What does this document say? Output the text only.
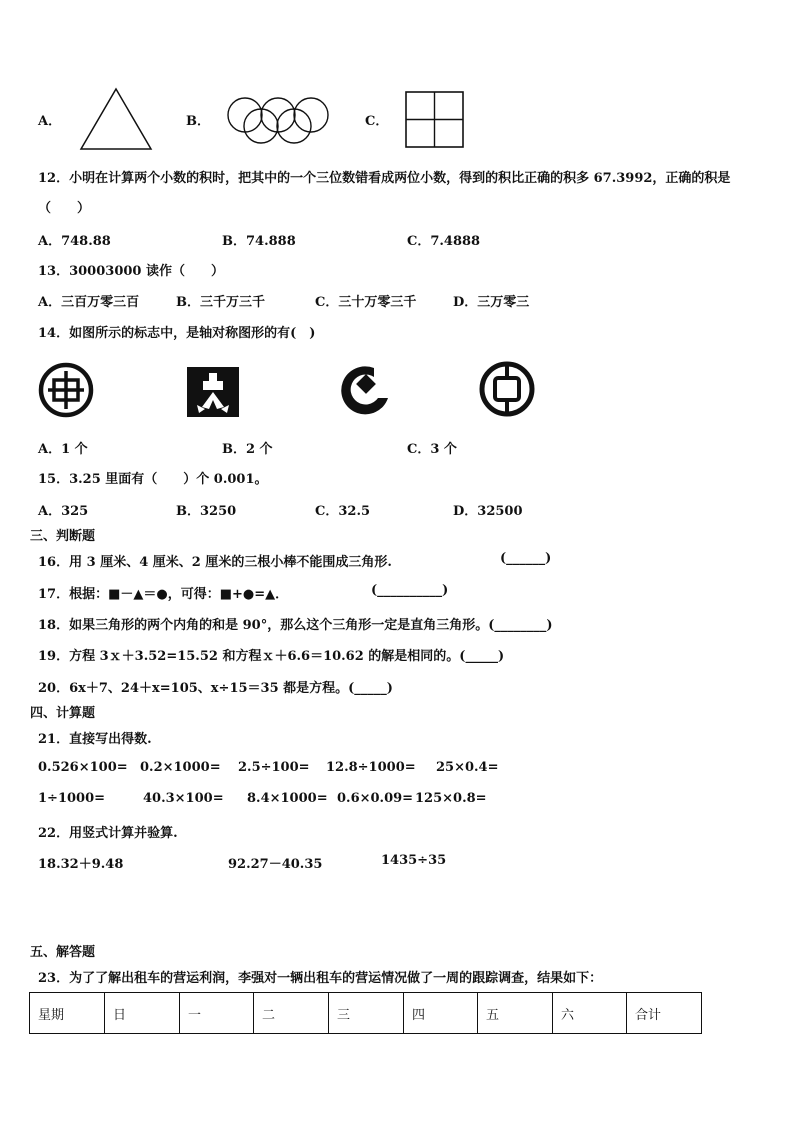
A．	B．	C．
12．小明在计算两个小数的积时，把其中的一个三位数错看成两位小数，得到的积比正确的积多 67.3992，正确的积是
（　　）
A．748.88	B．74.888	C．7.4888
13．30003000 读作（　　）
A．三百万零三百	B．三千万三千	C．三十万零三千	D．三万零三
14．如图所示的标志中，是轴对称图形的有(　)
A．1 个	B．2 个	C．3 个
15．3.25 里面有（　　）个 0.001。
A．325	B．3250	C．32.5	D．32500
三、判断题
16．用 3 厘米、4 厘米、2 厘米的三根小棒不能围成三角形.	(______)
17．根据：■－▲＝●，可得：■+●=▲．	(__________)
18．如果三角形的两个内角的和是 90°，那么这个三角形一定是直角三角形。(________)
19．方程 3ｘ＋3.52=15.52 和方程ｘ＋6.6＝10.62 的解是相同的。(_____)
20．6x＋7、24＋x=105、x÷15＝35 都是方程。(_____)
四、计算题
21．直接写出得数.
0.526×100= 0.2×1000= 2.5÷100= 12.8÷1000= 25×0.4=
1÷1000=	40.3×100= 8.4×1000= 0.6×0.09= 125×0.8=
22．用竖式计算并验算.
18.32＋9.48	92.27－40.35	1435÷35
五、解答题
23．为了了解出租车的营运利润，李强对一辆出租车的营运情况做了一周的跟踪调查，结果如下：
星期	日	一	二	三	四	五	六	合计
